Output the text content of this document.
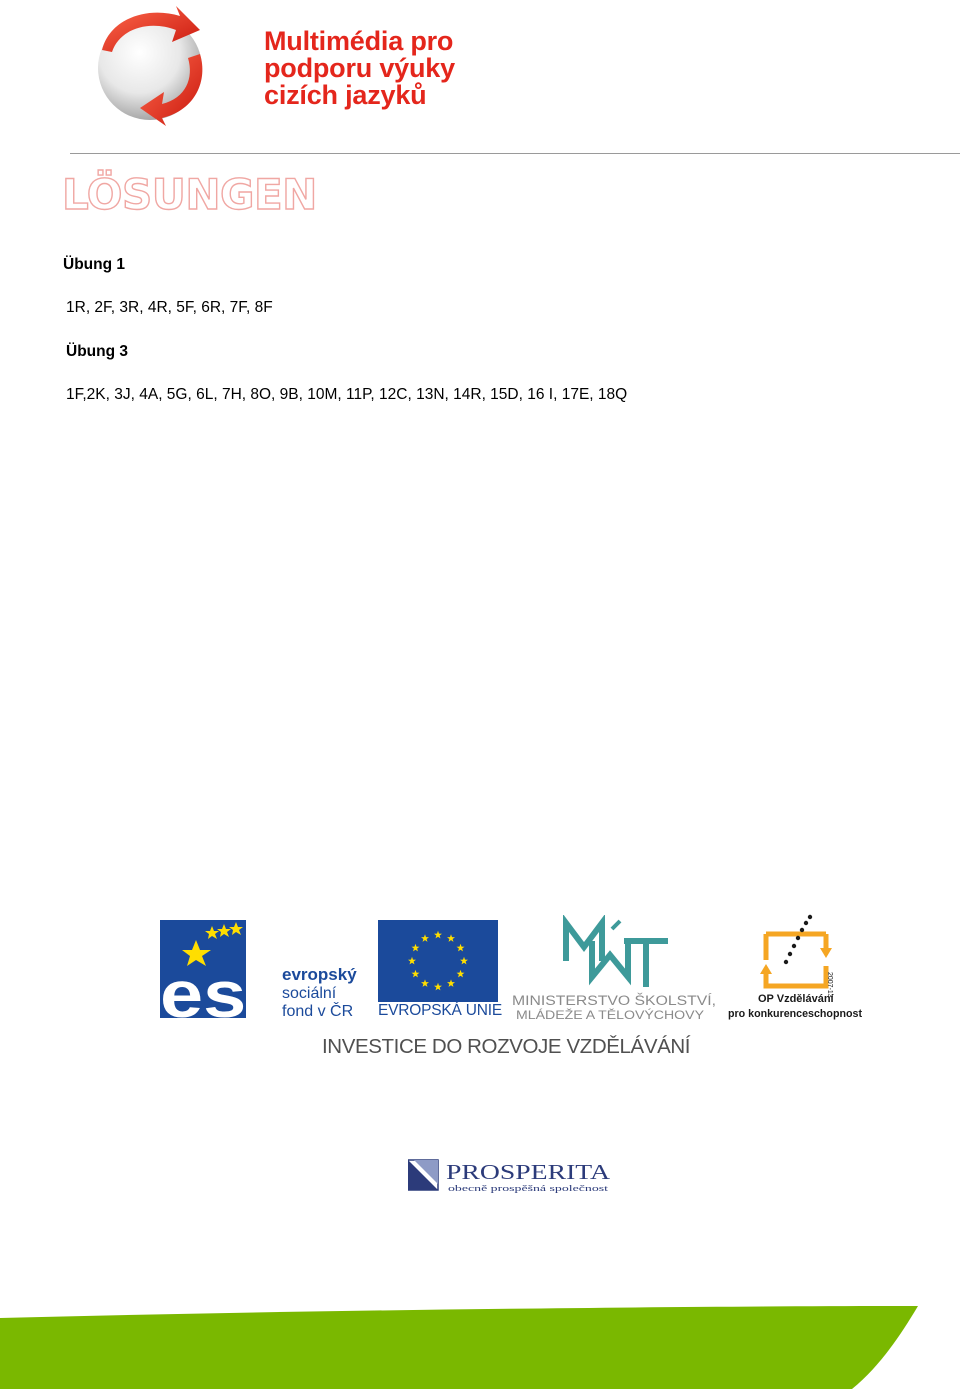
Multimédia pro
podporu výuky
cizích jazyků
LÖSUNGEN
Übung 1
1R, 2F, 3R, 4R, 5F, 6R, 7F, 8F
Übung 3
1F,2K, 3J, 4A, 5G, 6L, 7H, 8O, 9B, 10M, 11P, 12C, 13N, 14R, 15D, 16 I, 17E, 18Q
esf evropský
sociální
fond v ČR EVROPSKÁ UNIE
MINISTERSTVO ŠKOLSTVÍ,
MLÁDEŽE A TĚLOVÝCHOVY
2007-13
OP Vzdělávání
pro konkurenceschopnost
INVESTICE DO ROZVOJE VZDĚLÁVÁNÍ
PROSPERITA
obecně prospěšná společnost
